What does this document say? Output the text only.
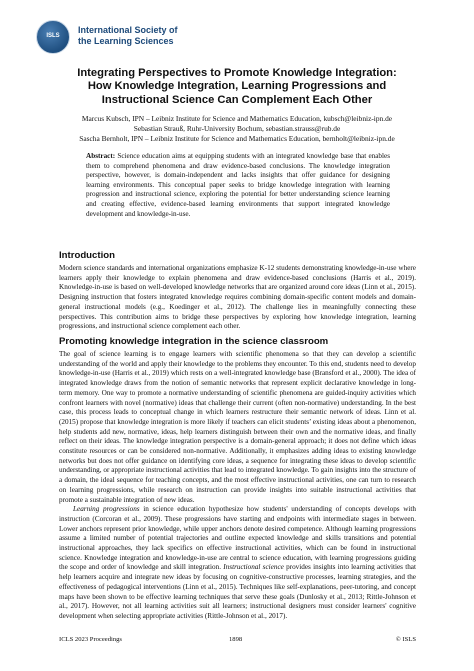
ISLS
International Society of
the Learning Sciences
Integrating Perspectives to Promote Knowledge Integration:
How Knowledge Integration, Learning Progressions and
Instructional Science Can Complement Each Other
Marcus Kubsch, IPN – Leibniz Institute for Science and Mathematics Education, kubsch@leibniz-ipn.de
Sebastian Strauß, Ruhr-University Bochum, sebastian.strauss@rub.de
Sascha Bernholt, IPN – Leibniz Institute for Science and Mathematics Education, bernholt@leibniz-ipn.de
Abstract: Science education aims at equipping students with an integrated knowledge base that enables them to comprehend phenomena and draw evidence-based conclusions. The knowledge integration perspective, however, is domain-independent and lacks insights that offer guidance for designing learning environments. This conceptual paper seeks to bridge knowledge integration with learning progression and instructional science, exploring the potential for better understanding science learning and creating effective, evidence-based learning environments that support integrated knowledge development and knowledge-in-use.
Introduction

Modern science standards and international organizations emphasize K-12 students demonstrating knowledge-in-use where learners apply their knowledge to explain phenomena and draw evidence-based conclusions (Harris et al., 2019). Knowledge-in-use is based on well-developed knowledge networks that are organized around core ideas (Linn et al., 2015). Designing instruction that fosters integrated knowledge requires combining domain-specific content models and domain-general instructional models (e.g., Koedinger et al., 2012). The challenge lies in meaningfully connecting these perspectives. This contribution aims to bridge these perspectives by exploring how knowledge integration, learning progressions, and instructional science complement each other.

Promoting knowledge integration in the science classroom

The goal of science learning is to engage learners with scientific phenomena so that they can develop a scientific understanding of the world and apply their knowledge to the problems they encounter. To this end, students need to develop knowledge-in-use (Harris et al., 2019) which rests on a well-integrated knowledge base (Bransford et al., 2000). The idea of integrated knowledge draws from the notion of semantic networks that represent explicit declarative knowledge in long-term memory. One way to promote a normative understanding of scientific phenomena are guided-inquiry activities which confront learners with novel (normative) ideas that challenge their current (often non-normative) understanding. In the best case, this process leads to conceptual change in which learners restructure their semantic network of ideas. Linn et al. (2015) propose that knowledge integration is more likely if teachers can elicit students’ existing ideas about a phenomenon, help students add new, normative, ideas, help learners distinguish between their own and the normative ideas, and finally reflect on their ideas. The knowledge integration perspective is a domain-general approach; it does not define which ideas constitute resources or can be considered non-normative. Additionally, it emphasizes adding ideas to existing knowledge networks but does not offer guidance on identifying core ideas, a sequence for integrating these ideas to develop scientific understanding, or appropriate instructional activities that lead to integrated knowledge. To gain insights into the structure of a domain, the ideal sequence for teaching concepts, and the most effective instructional activities, one can turn to research on learning progressions, while research on instruction can provide insights into suitable instructional activities that promote a sustainable integration of new ideas.

Learning progressions in science education hypothesize how students' understanding of concepts develops with instruction (Corcoran et al., 2009). These progressions have starting and endpoints with intermediate stages in between. Lower anchors represent prior knowledge, while upper anchors denote desired competence. Although learning progressions assume a limited number of potential trajectories and outline expected knowledge and skills transitions and potential instructional approaches, they lack specifics on effective instructional activities, which can be found in instructional science. Knowledge integration and knowledge-in-use are central to science education, with learning progressions guiding the scope and order of knowledge and skill integration. Instructional science provides insights into learning activities that help learners acquire and integrate new ideas by focusing on cognitive-constructive processes, learning strategies, and the effectiveness of pedagogical interventions (Linn et al., 2015). Techniques like self-explanations, peer-tutoring, and concept maps have been shown to be effective learning techniques that serve these goals (Dunlosky et al., 2013; Rittle-Johnson et al., 2017). However, not all learning activities suit all learners; instructional designers must consider learners' cognitive development when selecting appropriate activities (Rittle-Johnson et al., 2017).

ICLS 2023 Proceedings	1898	© ISLS
